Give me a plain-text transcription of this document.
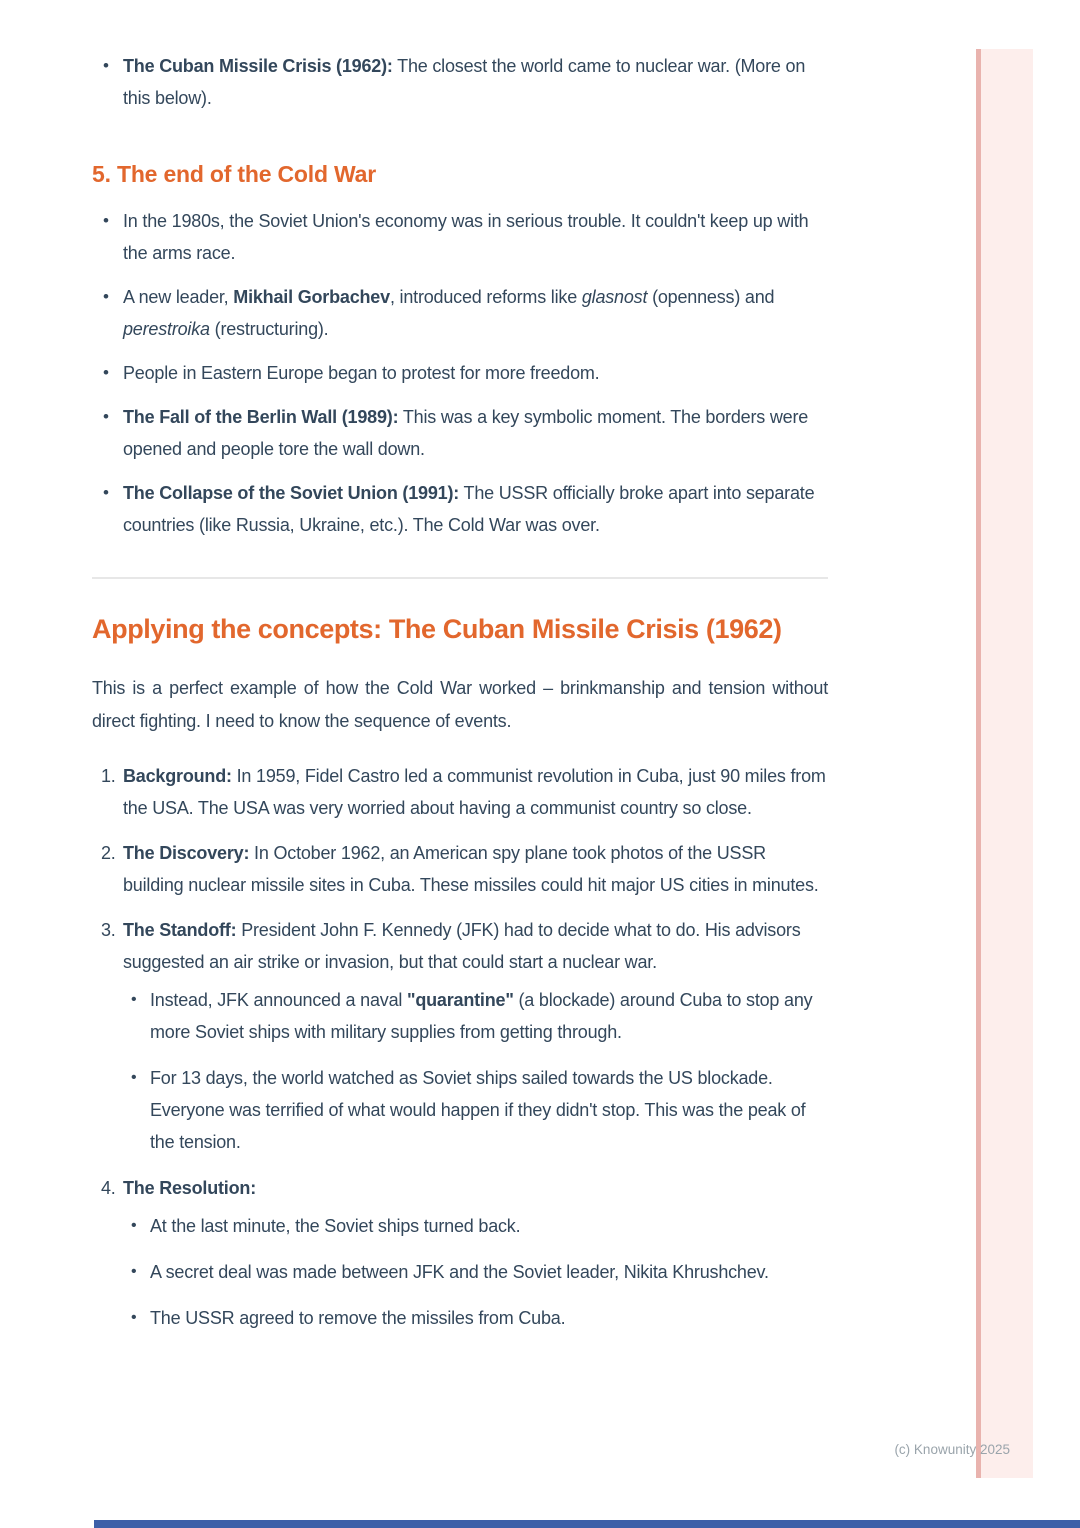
• The Cuban Missile Crisis (1962): The closest the world came to nuclear war. (More on this below).
5. The end of the Cold War
• In the 1980s, the Soviet Union's economy was in serious trouble. It couldn't keep up with the arms race.
• A new leader, Mikhail Gorbachev, introduced reforms like glasnost (openness) and perestroika (restructuring).
• People in Eastern Europe began to protest for more freedom.
• The Fall of the Berlin Wall (1989): This was a key symbolic moment. The borders were opened and people tore the wall down.
• The Collapse of the Soviet Union (1991): The USSR officially broke apart into separate countries (like Russia, Ukraine, etc.). The Cold War was over.
Applying the concepts: The Cuban Missile Crisis (1962)

This is a perfect example of how the Cold War worked – brinkmanship and tension without direct fighting. I need to know the sequence of events.

1. Background: In 1959, Fidel Castro led a communist revolution in Cuba, just 90 miles from the USA. The USA was very worried about having a communist country so close.
2. The Discovery: In October 1962, an American spy plane took photos of the USSR building nuclear missile sites in Cuba. These missiles could hit major US cities in minutes.
3. The Standoff: President John F. Kennedy (JFK) had to decide what to do. His advisors suggested an air strike or invasion, but that could start a nuclear war.
• Instead, JFK announced a naval "quarantine" (a blockade) around Cuba to stop any more Soviet ships with military supplies from getting through.
• For 13 days, the world watched as Soviet ships sailed towards the US blockade. Everyone was terrified of what would happen if they didn't stop. This was the peak of the tension.
4. The Resolution:
• At the last minute, the Soviet ships turned back.
• A secret deal was made between JFK and the Soviet leader, Nikita Khrushchev.
• The USSR agreed to remove the missiles from Cuba.
(c) Knowunity 2025
